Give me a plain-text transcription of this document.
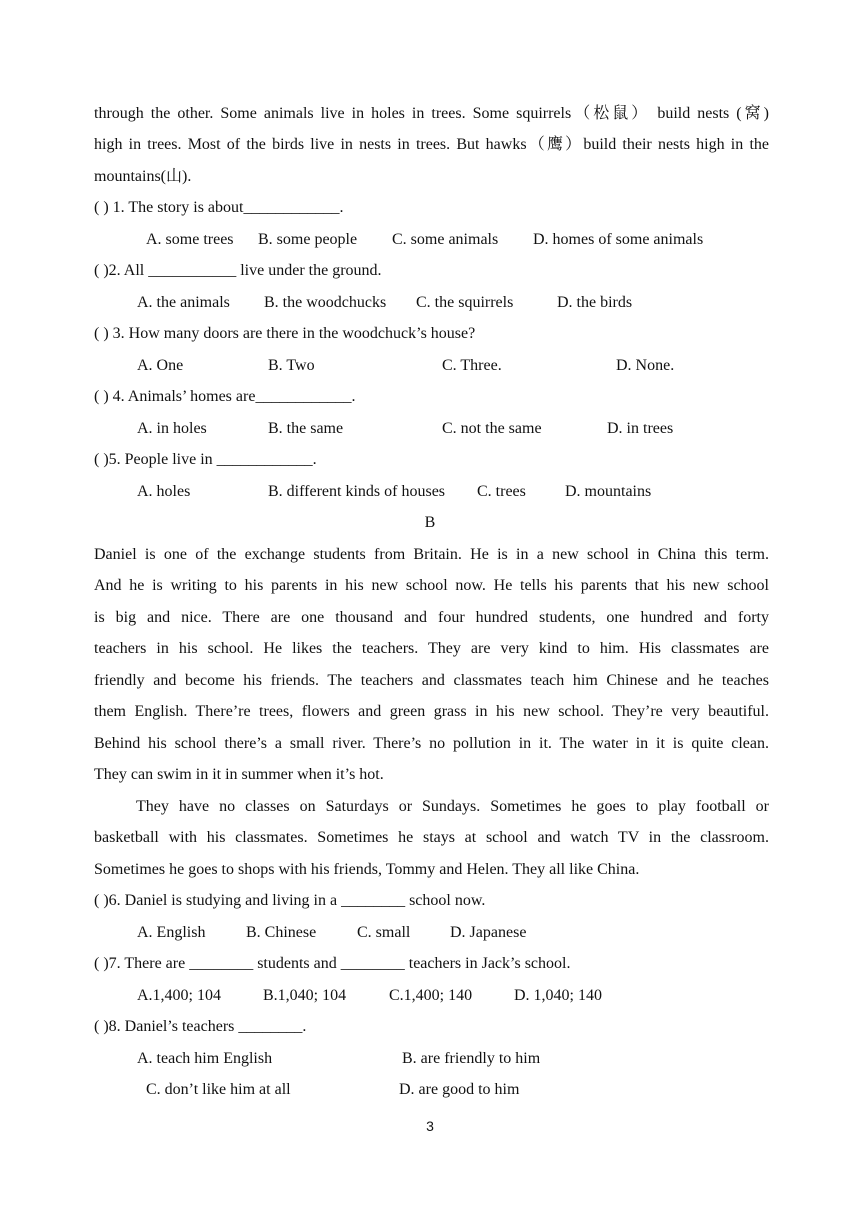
through the other. Some animals live in holes in trees. Some squirrels（松鼠） build nests (窝)
high in trees. Most of the birds live in nests in trees. But hawks（鹰）build their nests high in the
mountains(山).
( ) 1. The story is about____________.
A. some trees B. some people C. some animals D. homes of some animals
( )2. All ___________ live under the ground.
A. the animals B. the woodchucks C. the squirrels	D. the birds
( ) 3. How many doors are there in the woodchuck’s house?
A. One	B. Two	C. Three.	D. None.
( ) 4. Animals’ homes are____________.
A. in holes	B. the same	C. not the same	D. in trees
( )5. People live in ____________.
A. holes	B. different kinds of houses C. trees D. mountains
B
Daniel is one of the exchange students from Britain. He is in a new school in China this term.
And he is writing to his parents in his new school now. He tells his parents that his new school
is big and nice. There are one thousand and four hundred students, one hundred and forty
teachers in his school. He likes the teachers. They are very kind to him. His classmates are
friendly and become his friends. The teachers and classmates teach him Chinese and he teaches
them English. There’re trees, flowers and green grass in his new school. They’re very beautiful.
Behind his school there’s a small river. There’s no pollution in it. The water in it is quite clean.
They can swim in it in summer when it’s hot.
They have no classes on Saturdays or Sundays. Sometimes he goes to play football or
basketball with his classmates. Sometimes he stays at school and watch TV in the classroom.
Sometimes he goes to shops with his friends, Tommy and Helen. They all like China.
( )6. Daniel is studying and living in a ________ school now.
A. English	B. Chinese	C. small D. Japanese
( )7. There are ________ students and ________ teachers in Jack’s school.
A.1,400; 104	B.1,040; 104	C.1,400; 140	D. 1,040; 140
( )8. Daniel’s teachers ________.
A. teach him English	B. are friendly to him
C. don’t like him at all	D. are good to him
3
